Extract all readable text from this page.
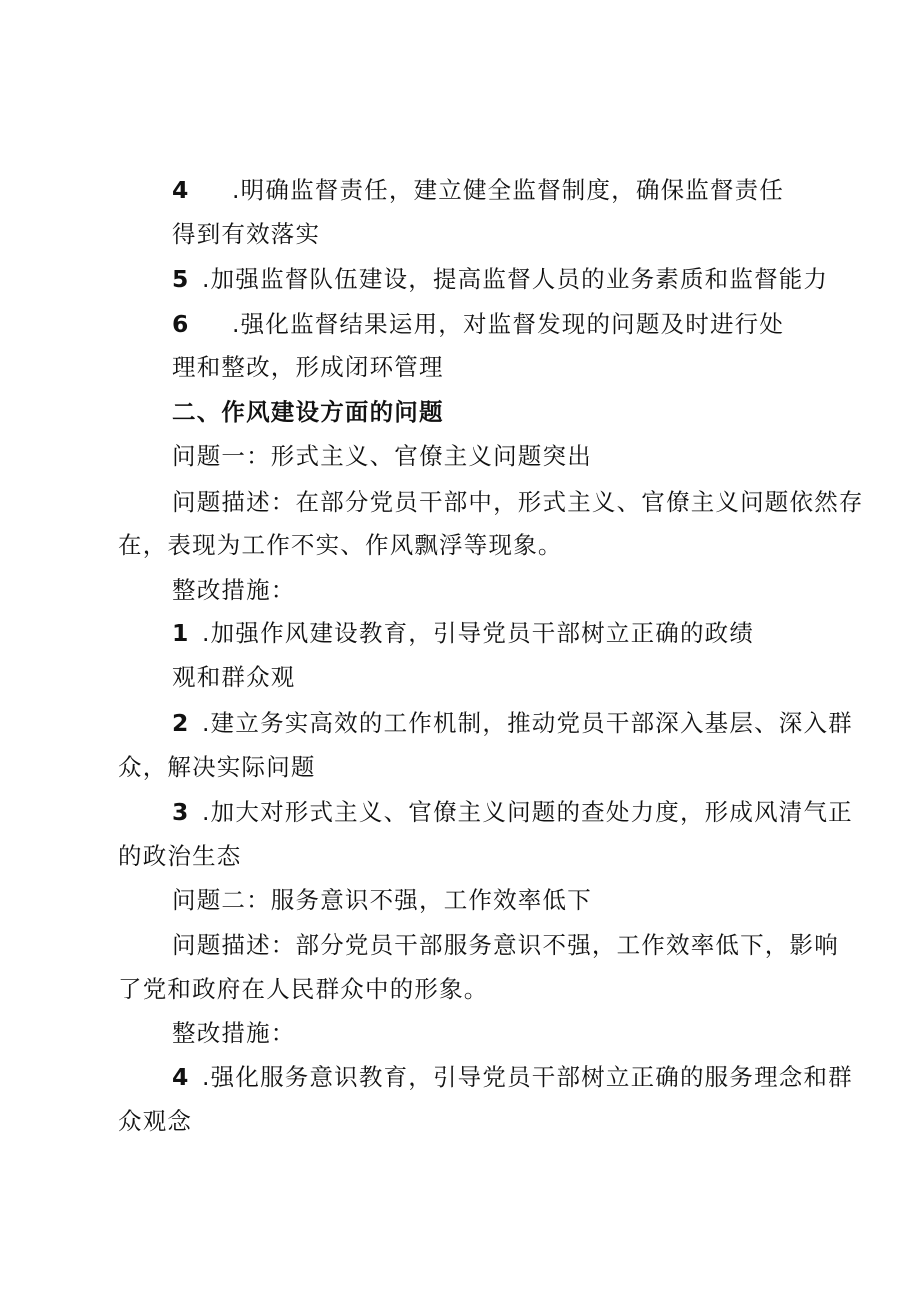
4 .明确监督责任，建立健全监督制度，确保监督责任
得到有效落实
5 .加强监督队伍建设，提高监督人员的业务素质和监督能力
6 .强化监督结果运用，对监督发现的问题及时进行处
理和整改，形成闭环管理
二、作风建设方面的问题
问题一：形式主义、官僚主义问题突出
问题描述：在部分党员干部中，形式主义、官僚主义问题依然存
在，表现为工作不实、作风飘浮等现象。
整改措施：
1 .加强作风建设教育，引导党员干部树立正确的政绩
观和群众观
2 .建立务实高效的工作机制，推动党员干部深入基层、深入群
众，解决实际问题
3 .加大对形式主义、官僚主义问题的查处力度，形成风清气正
的政治生态
问题二：服务意识不强，工作效率低下
问题描述：部分党员干部服务意识不强，工作效率低下，影响
了党和政府在人民群众中的形象。
整改措施：
4 .强化服务意识教育，引导党员干部树立正确的服务理念和群
众观念
